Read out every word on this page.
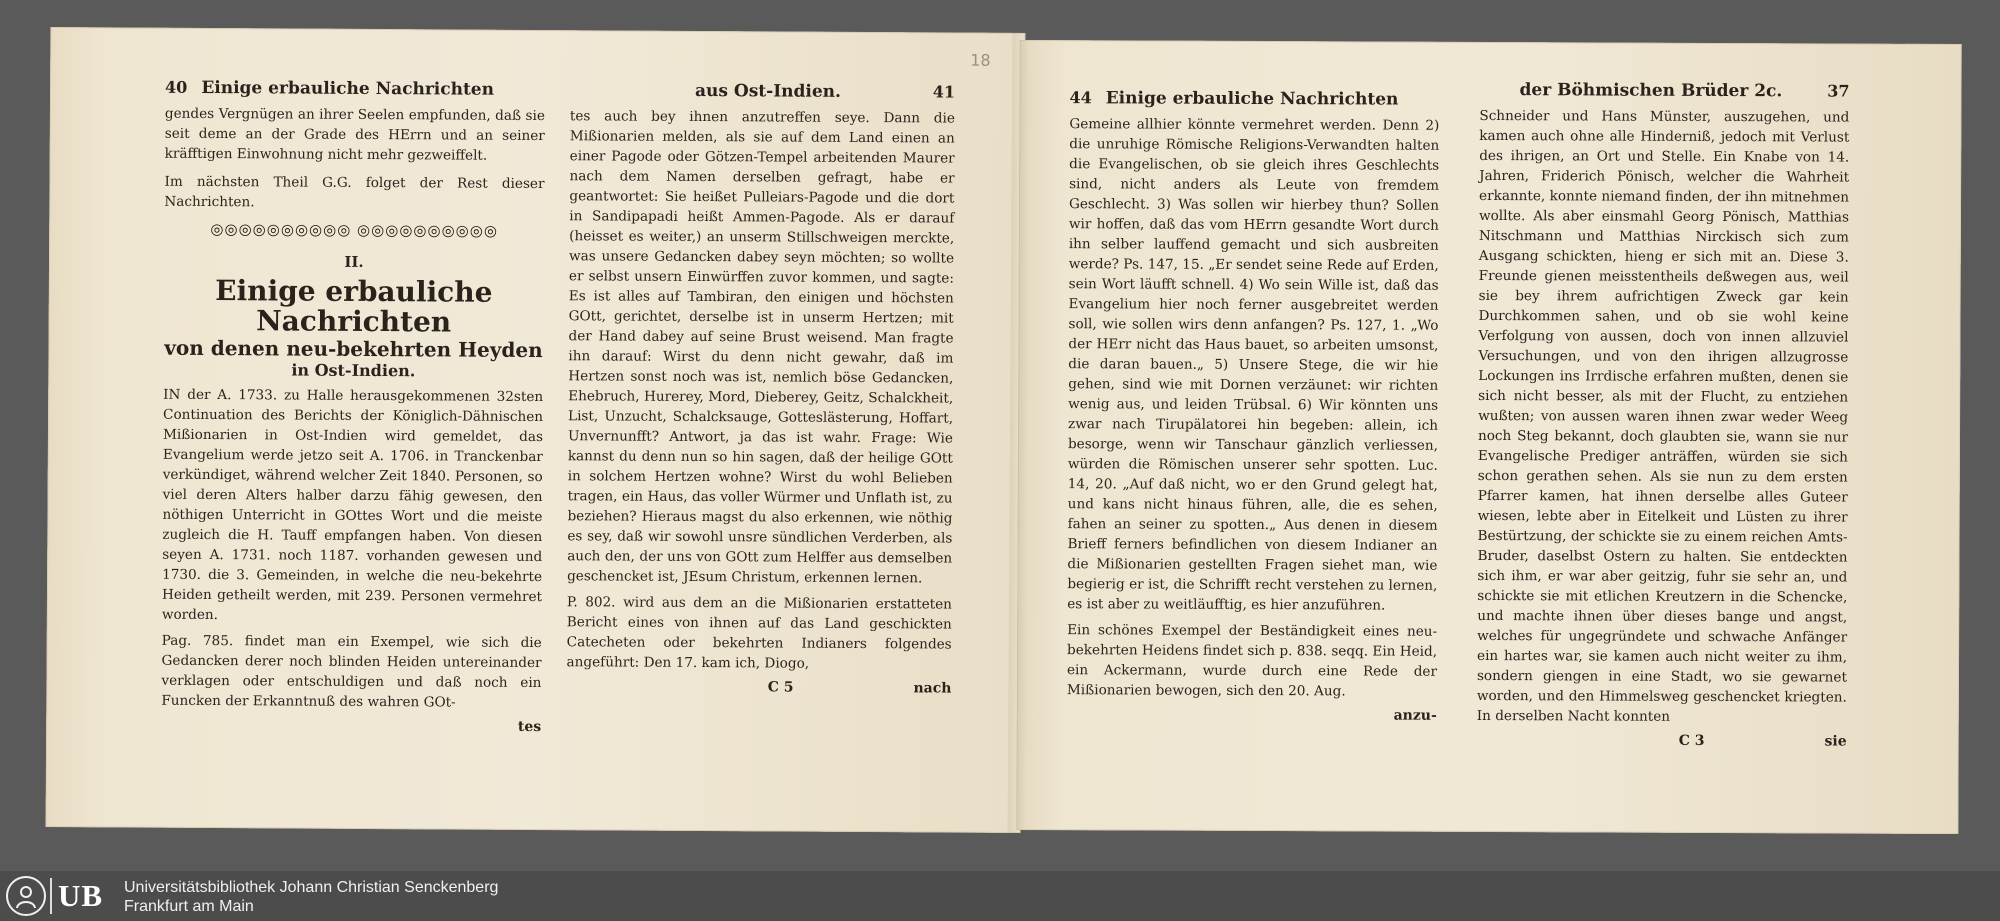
18
40 Einige erbauliche Nachrichten

gendes Vergnügen an ihrer Seelen empfunden, daß sie seit deme an der Grade des HErrn und an seiner kräfftigen Einwohnung nicht mehr gezweiffelt.

Im nächsten Theil G.G. folget der Rest dieser Nachrichten.

◎◎◎◎◎◎◎◎◎◎ ◎◎◎◎◎◎◎◎◎◎
II.
Einige erbauliche Nachrichten
von denen neu-bekehrten Heyden
in Ost-Indien.

IN der A. 1733. zu Halle herausgekommenen 32sten Continuation des Berichts der Königlich-Dähnischen Mißionarien in Ost-Indien wird gemeldet, das Evangelium werde jetzo seit A. 1706. in Tranckenbar verkündiget, während welcher Zeit 1840. Personen, so viel deren Alters halber darzu fähig gewesen, den nöthigen Unterricht in GOttes Wort und die meiste zugleich die H. Tauff empfangen haben. Von diesen seyen A. 1731. noch 1187. vorhanden gewesen und 1730. die 3. Gemeinden, in welche die neu-bekehrte Heiden getheilt werden, mit 239. Personen vermehret worden.

Pag. 785. findet man ein Exempel, wie sich die Gedancken derer noch blinden Heiden untereinander verklagen oder entschuldigen und daß noch ein Funcken der Erkanntnuß des wahren GOt-

tes
aus Ost-Indien.	41

tes auch bey ihnen anzutreffen seye. Dann die Mißionarien melden, als sie auf dem Land einen an einer Pagode oder Götzen-Tempel arbeitenden Maurer nach dem Namen derselben gefragt, habe er geantwortet: Sie heißet Pulleiars-Pagode und die dort in Sandipapadi heißt Ammen-Pagode. Als er darauf (heisset es weiter,) an unserm Stillschweigen merckte, was unsere Gedancken dabey seyn möchten; so wollte er selbst unsern Einwürffen zuvor kommen, und sagte: Es ist alles auf Tambiran, den einigen und höchsten GOtt, gerichtet, derselbe ist in unserm Hertzen; mit der Hand dabey auf seine Brust weisend. Man fragte ihn darauf: Wirst du denn nicht gewahr, daß im Hertzen sonst noch was ist, nemlich böse Gedancken, Ehebruch, Hurerey, Mord, Dieberey, Geitz, Schalckheit, List, Unzucht, Schalcksauge, Gotteslästerung, Hoffart, Unvernunfft? Antwort, ja das ist wahr. Frage: Wie kannst du denn nun so hin sagen, daß der heilige GOtt in solchem Hertzen wohne? Wirst du wohl Belieben tragen, ein Haus, das voller Würmer und Unflath ist, zu beziehen? Hieraus magst du also erkennen, wie nöthig es sey, daß wir sowohl unsre sündlichen Verderben, als auch den, der uns von GOtt zum Helffer aus demselben geschencket ist, JEsum Christum, erkennen lernen.

P. 802. wird aus dem an die Mißionarien erstatteten Bericht eines von ihnen auf das Land geschickten Catecheten oder bekehrten Indianers folgendes angeführt: Den 17. kam ich, Diogo,

C 5	nach
44 Einige erbauliche Nachrichten

Gemeine allhier könnte vermehret werden. Denn 2) die unruhige Römische Religions-Verwandten halten die Evangelischen, ob sie gleich ihres Geschlechts sind, nicht anders als Leute von fremdem Geschlecht. 3) Was sollen wir hierbey thun? Sollen wir hoffen, daß das vom HErrn gesandte Wort durch ihn selber lauffend gemacht und sich ausbreiten werde? Ps. 147, 15. „Er sendet seine Rede auf Erden, sein Wort läufft schnell. 4) Wo sein Wille ist, daß das Evangelium hier noch ferner ausgebreitet werden soll, wie sollen wirs denn anfangen? Ps. 127, 1. „Wo der HErr nicht das Haus bauet, so arbeiten umsonst, die daran bauen.„ 5) Unsere Stege, die wir hie gehen, sind wie mit Dornen verzäunet: wir richten wenig aus, und leiden Trübsal. 6) Wir könnten uns zwar nach Tirupälatorei hin begeben: allein, ich besorge, wenn wir Tanschaur gänzlich verliessen, würden die Römischen unserer sehr spotten. Luc. 14, 20. „Auf daß nicht, wo er den Grund gelegt hat, und kans nicht hinaus führen, alle, die es sehen, fahen an seiner zu spotten.„ Aus denen in diesem Brieff ferners befindlichen von diesem Indianer an die Mißionarien gestellten Fragen siehet man, wie begierig er ist, die Schrifft recht verstehen zu lernen, es ist aber zu weitläufftig, es hier anzuführen.

Ein schönes Exempel der Beständigkeit eines neu-bekehrten Heidens findet sich p. 838. seqq. Ein Heid, ein Ackermann, wurde durch eine Rede der Mißionarien bewogen, sich den 20. Aug.

anzu-
der Böhmischen Brüder 2c.	37

Schneider und Hans Münster, auszugehen, und kamen auch ohne alle Hinderniß, jedoch mit Verlust des ihrigen, an Ort und Stelle. Ein Knabe von 14. Jahren, Friderich Pönisch, welcher die Wahrheit erkannte, konnte niemand finden, der ihn mitnehmen wollte. Als aber einsmahl Georg Pönisch, Matthias Nitschmann und Matthias Nirckisch sich zum Ausgang schickten, hieng er sich mit an. Diese 3. Freunde gienen meisstentheils deßwegen aus, weil sie bey ihrem aufrichtigen Zweck gar kein Durchkommen sahen, und ob sie wohl keine Verfolgung von aussen, doch von innen allzuviel Versuchungen, und von den ihrigen allzugrosse Lockungen ins Irrdische erfahren mußten, denen sie sich nicht besser, als mit der Flucht, zu entziehen wußten; von aussen waren ihnen zwar weder Weeg noch Steg bekannt, doch glaubten sie, wann sie nur Evangelische Prediger anträffen, würden sie sich schon gerathen sehen. Als sie nun zu dem ersten Pfarrer kamen, hat ihnen derselbe alles Guteer wiesen, lebte aber in Eitelkeit und Lüsten zu ihrer Bestürtzung, der schickte sie zu einem reichen Amts-Bruder, daselbst Ostern zu halten. Sie entdeckten sich ihm, er war aber geitzig, fuhr sie sehr an, und schickte sie mit etlichen Kreutzern in die Schencke, und machte ihnen über dieses bange und angst, welches für ungegründete und schwache Anfänger ein hartes war, sie kamen auch nicht weiter zu ihm, sondern giengen in eine Stadt, wo sie gewarnet worden, und den Himmelsweg geschencket kriegten. In derselben Nacht konnten

C 3	sie
UB Universitätsbibliothek Johann Christian Senckenberg
Frankfurt am Main
